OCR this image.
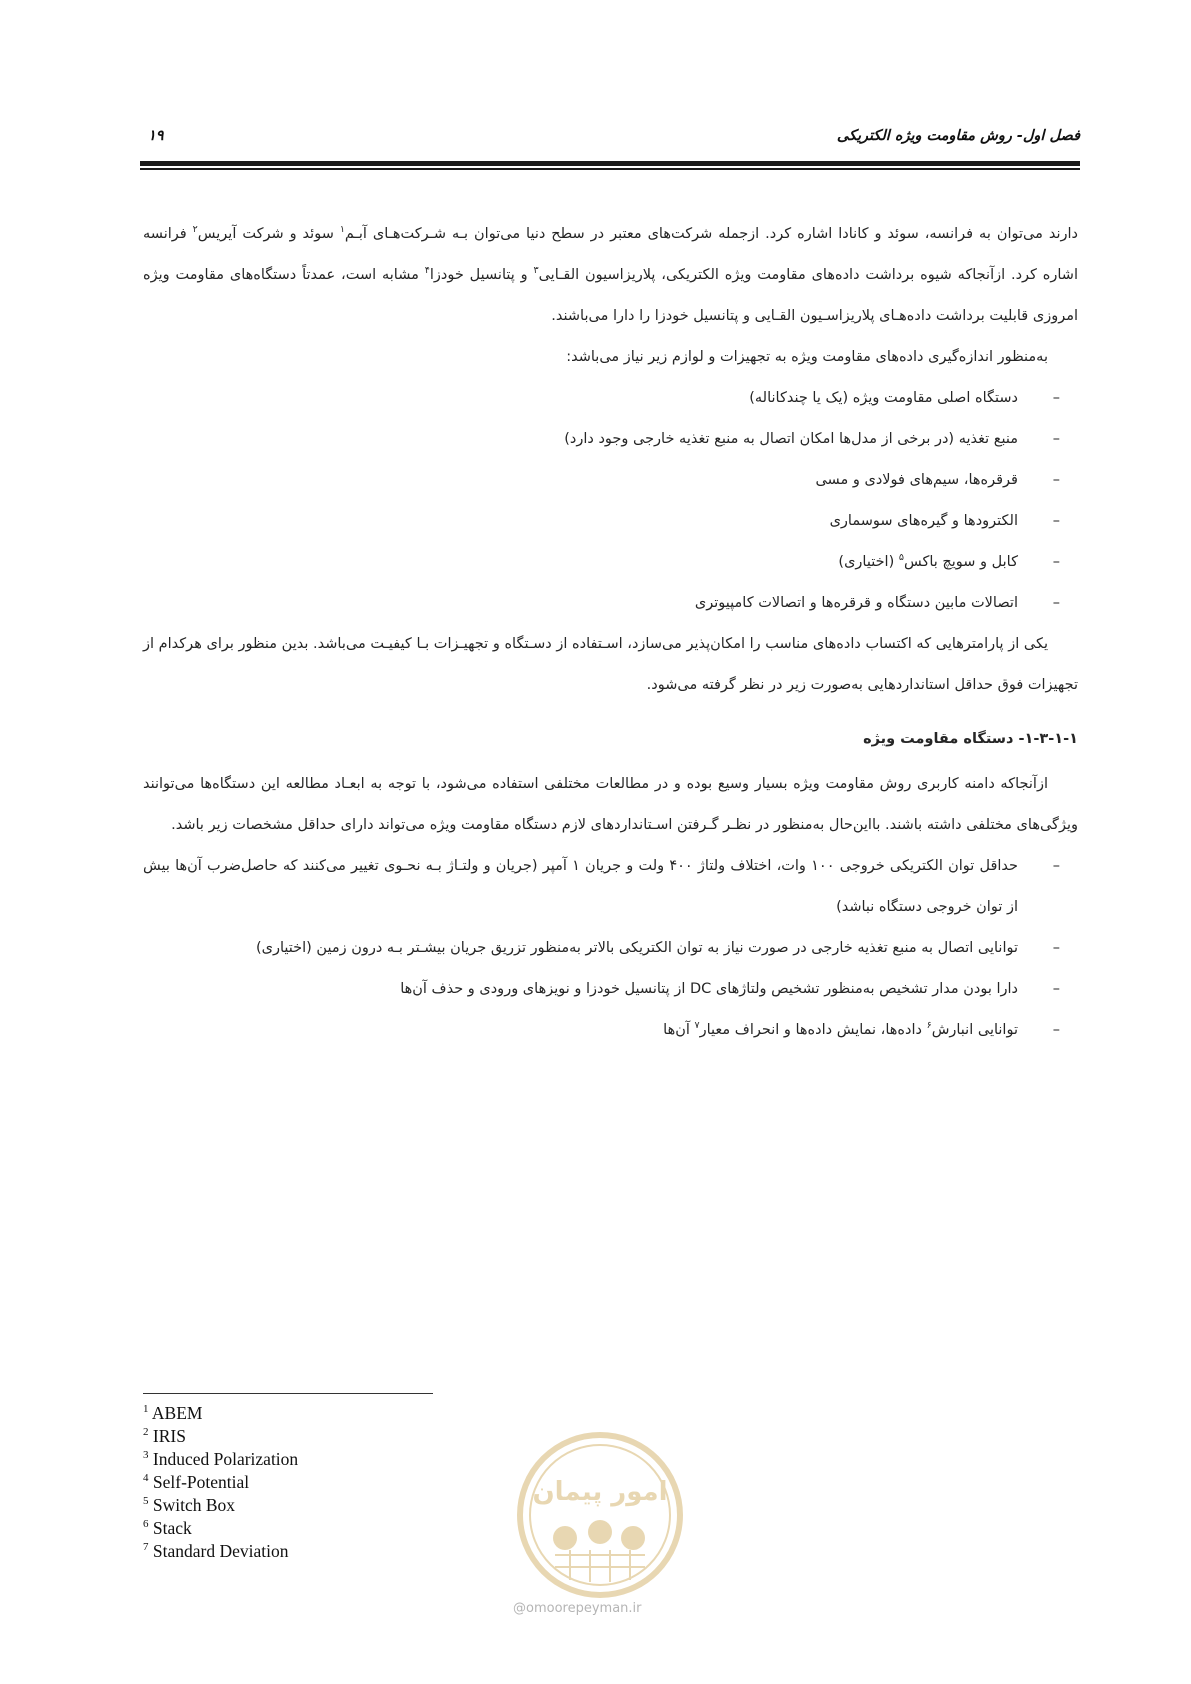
فصل اول- روش مقاومت ویژه الکتریکی
۱۹

دارند می‌توان به فرانسه، سوئد و کانادا اشاره کرد. ازجمله شرکت‌های معتبر در سطح دنیا می‌توان بـه شـرکت‌هـای آبـم$^۱$ سوئد و شرکت آیریس$^۲$ فرانسه اشاره کرد. ازآنجاکه شیوه برداشت داده‌های مقاومت ویژه الکتریکی، پلاریزاسیون القـایی$^۳$ و پتانسیل خودزا$^۴$ مشابه است، عمدتاً دستگاه‌های مقاومت ویژه امروزی قابلیت برداشت داده‌هـای پلاریزاسـیون القـایی و پتانسیل خودزا را دارا می‌باشند.

به‌منظور اندازه‌گیری داده‌های مقاومت ویژه به تجهیزات و لوازم زیر نیاز می‌باشد:

– دستگاه اصلی مقاومت ویژه (یک یا چندکاناله)
– منبع تغذیه (در برخی از مدل‌ها امکان اتصال به منبع تغذیه خارجی وجود دارد)
– قرقره‌ها، سیم‌های فولادی و مسی
– الکترودها و گیره‌های سوسماری
– کابل و سویچ باکس$^۵$ (اختیاری)
– اتصالات مابین دستگاه و قرقره‌ها و اتصالات کامپیوتری

یکی از پارامترهایی که اکتساب داده‌های مناسب را امکان‌پذیر می‌سازد، اسـتفاده از دسـتگاه و تجهیـزات بـا کیفیـت می‌باشد. بدین منظور برای هرکدام از تجهیزات فوق حداقل استانداردهایی به‌صورت زیر در نظر گرفته می‌شود.

۱-۳-۱-۱- دستگاه مقاومت ویژه

ازآنجاکه دامنه کاربری روش مقاومت ویژه بسیار وسیع بوده و در مطالعات مختلفی استفاده می‌شود، با توجه به ابعـاد مطالعه این دستگاه‌ها می‌توانند ویژگی‌های مختلفی داشته باشند. بااین‌حال به‌منظور در نظـر گـرفتن اسـتانداردهای لازم دستگاه مقاومت ویژه می‌تواند دارای حداقل مشخصات زیر باشد.

– حداقل توان الکتریکی خروجی ۱۰۰ وات، اختلاف ولتاژ ۴۰۰ ولت و جریان ۱ آمپر (جریان و ولتـاژ بـه نحـوی تغییر می‌کنند که حاصل‌ضرب آن‌ها بیش از توان خروجی دستگاه نباشد)
– توانایی اتصال به منبع تغذیه خارجی در صورت نیاز به توان الکتریکی بالاتر به‌منظور تزریق جریان بیشـتر بـه درون زمین (اختیاری)
– دارا بودن مدار تشخیص به‌منظور تشخیص ولتاژهای DC از پتانسیل خودزا و نویزهای ورودی و حذف آن‌ها
– توانایی انبارش$^۶$ داده‌ها، نمایش داده‌ها و انحراف معیار$^۷$ آن‌ها
$^1$ ABEM
$^2$ IRIS
$^3$ Induced Polarization
$^4$ Self-Potential
$^5$ Switch Box
$^6$ Stack
$^7$ Standard Deviation
امور پیمان
@omoorepeyman.ir
